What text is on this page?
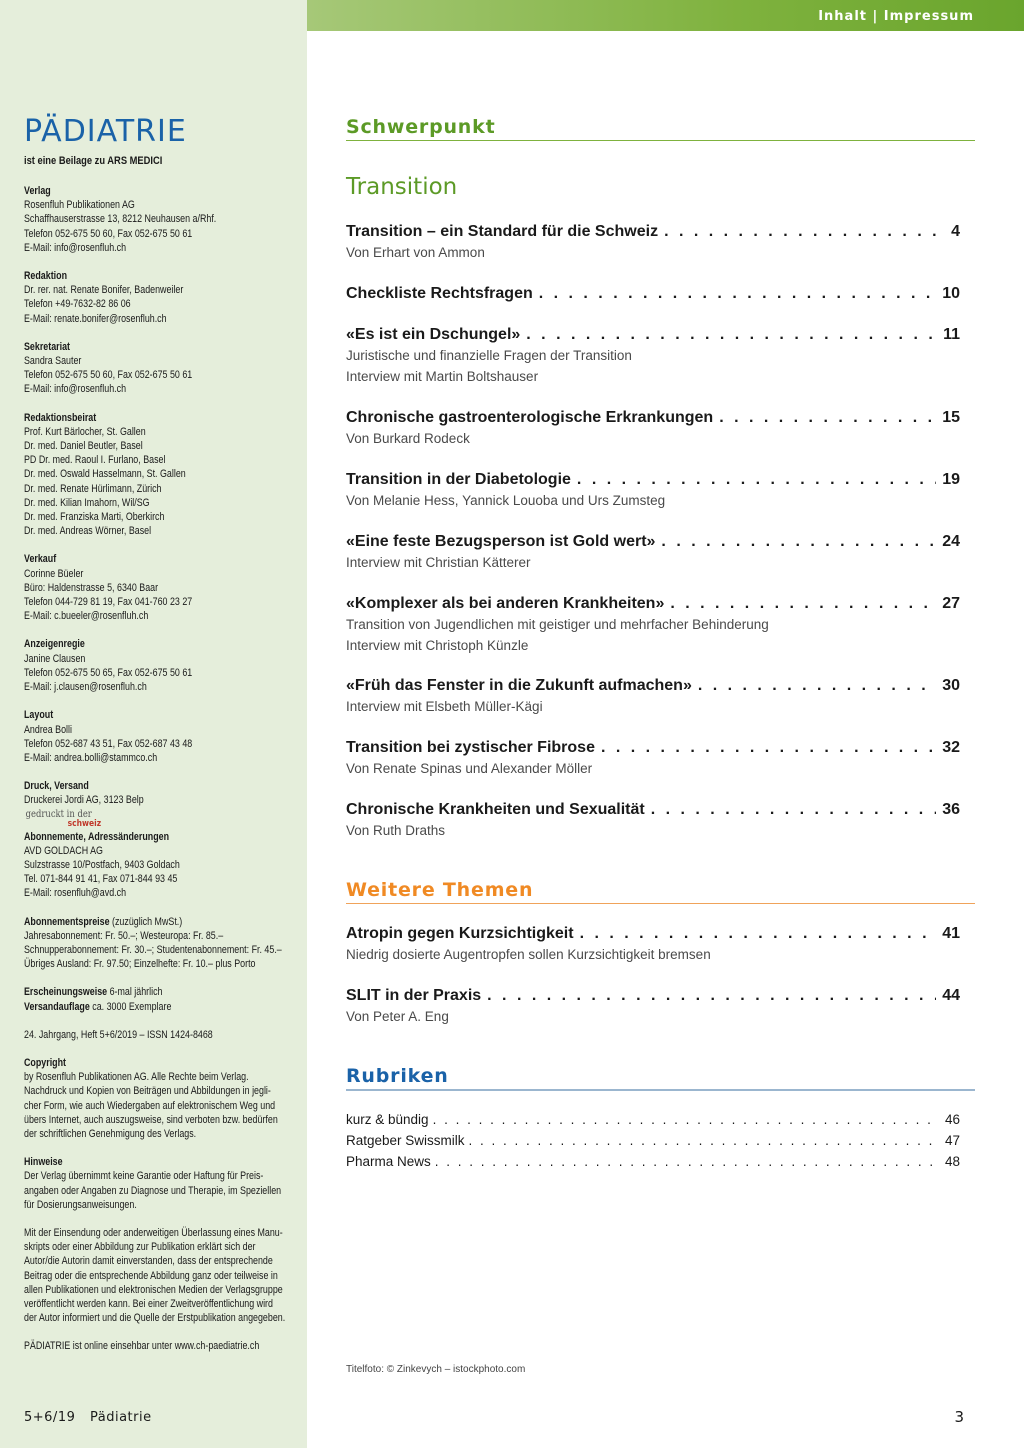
Inhalt | Impressum
PÄDIATRIE
ist eine Beilage zu ARS MEDICI
Verlag
Rosenfluh Publikationen AG
Schaffhauserstrasse 13, 8212 Neuhausen a/Rhf.
Telefon 052-675 50 60, Fax 052-675 50 61
E-Mail: info@rosenfluh.ch
Redaktion
Dr. rer. nat. Renate Bonifer, Badenweiler
Telefon +49-7632-82 86 06
E-Mail: renate.bonifer@rosenfluh.ch
Sekretariat
Sandra Sauter
Telefon 052-675 50 60, Fax 052-675 50 61
E-Mail: info@rosenfluh.ch
Redaktionsbeirat
Prof. Kurt Bärlocher, St. Gallen
Dr. med. Daniel Beutler, Basel
PD Dr. med. Raoul I. Furlano, Basel
Dr. med. Oswald Hasselmann, St. Gallen
Dr. med. Renate Hürlimann, Zürich
Dr. med. Kilian Imahorn, Wil/SG
Dr. med. Franziska Marti, Oberkirch
Dr. med. Andreas Wörner, Basel
Verkauf
Corinne Büeler
Büro: Haldenstrasse 5, 6340 Baar
Telefon 044-729 81 19, Fax 041-760 23 27
E-Mail: c.bueeler@rosenfluh.ch
Anzeigenregie
Janine Clausen
Telefon 052-675 50 65, Fax 052-675 50 61
E-Mail: j.clausen@rosenfluh.ch
Layout
Andrea Bolli
Telefon 052-687 43 51, Fax 052-687 43 48
E-Mail: andrea.bolli@stammco.ch
Druck, Versand
Druckerei Jordi AG, 3123 Belp
gedruckt in der
schweiz
Abonnemente, Adressänderungen
AVD GOLDACH AG
Sulzstrasse 10/Postfach, 9403 Goldach
Tel. 071-844 91 41, Fax 071-844 93 45
E-Mail: rosenfluh@avd.ch
Abonnementspreise (zuzüglich MwSt.)
Jahresabonnement: Fr. 50.–; Westeuropa: Fr. 85.–
Schnupperabonnement: Fr. 30.–; Studentenabonnement: Fr. 45.–
Übriges Ausland: Fr. 97.50; Einzelhefte: Fr. 10.– plus Porto
Erscheinungsweise 6-mal jährlich
Versandauflage ca. 3000 Exemplare
24. Jahrgang, Heft 5+6/2019 – ISSN 1424-8468
Copyright
by Rosenfluh Publikationen AG. Alle Rechte beim Verlag.
Nachdruck und Kopien von Beiträgen und Abbildungen in jegli-
cher Form, wie auch Wiedergaben auf elektronischem Weg und
übers Internet, auch auszugsweise, sind verboten bzw. bedürfen
der schriftlichen Genehmigung des Verlags.
Hinweise
Der Verlag übernimmt keine Garantie oder Haftung für Preis-
angaben oder Angaben zu Diagnose und Therapie, im Speziellen
für Dosierungsanweisungen.
Mit der Einsendung oder anderweitigen Überlassung eines Manu-
skripts oder einer Abbildung zur Publikation erklärt sich der
Autor/die Autorin damit einverstanden, dass der entsprechende
Beitrag oder die entsprechende Abbildung ganz oder teilweise in
allen Publikationen und elektronischen Medien der Verlagsgruppe
veröffentlicht werden kann. Bei einer Zweitveröffentlichung wird
der Autor informiert und die Quelle der Erstpublikation angegeben.
PÄDIATRIE ist online einsehbar unter www.ch-paediatrie.ch
5+6/19 Pädiatrie	3
Schwerpunkt
Transition
Transition – ein Standard für die Schweiz . . .	4
Von Erhart von Ammon
Checkliste Rechtsfragen . . .	10
«Es ist ein Dschungel» . . .	11
Juristische und finanzielle Fragen der Transition
Interview mit Martin Boltshauser
Chronische gastroenterologische Erkrankungen . . .	15
Von Burkard Rodeck
Transition in der Diabetologie . . .	19
Von Melanie Hess, Yannick Louoba und Urs Zumsteg
«Eine feste Bezugsperson ist Gold wert» . . .	24
Interview mit Christian Kätterer
«Komplexer als bei anderen Krankheiten» . . .	27
Transition von Jugendlichen mit geistiger und mehrfacher Behinderung
Interview mit Christoph Künzle
«Früh das Fenster in die Zukunft aufmachen» . . .	30
Interview mit Elsbeth Müller-Kägi
Transition bei zystischer Fibrose . . .	32
Von Renate Spinas und Alexander Möller
Chronische Krankheiten und Sexualität . . .	36
Von Ruth Draths
Weitere Themen
Atropin gegen Kurzsichtigkeit . . .	41
Niedrig dosierte Augentropfen sollen Kurzsichtigkeit bremsen
SLIT in der Praxis . . .	44
Von Peter A. Eng
Rubriken
kurz & bündig . . .	46
Ratgeber Swissmilk . . .	47
Pharma News . . .	48
Titelfoto: © Zinkevych – istockphoto.com
